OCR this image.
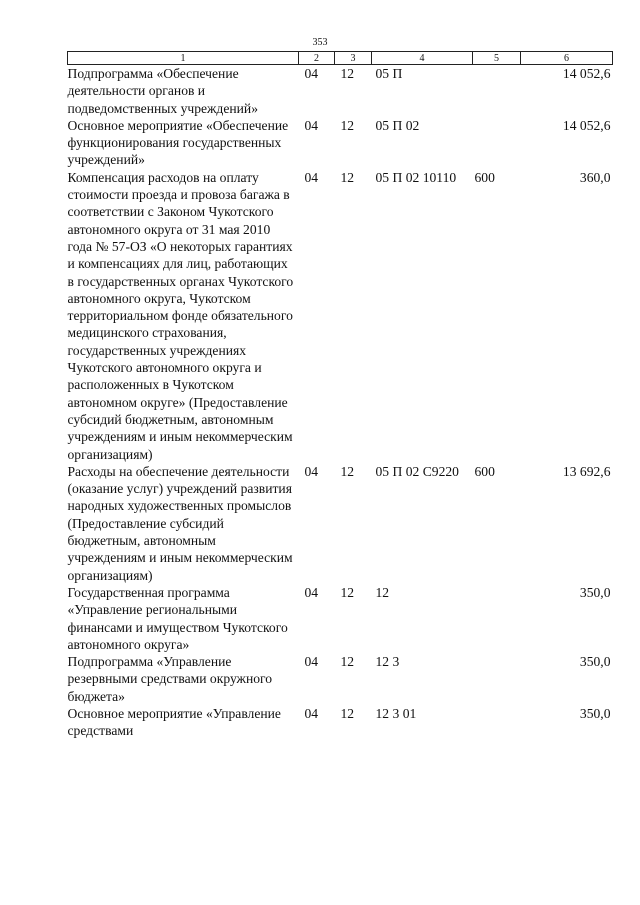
353
1	2	3	4	5	6
Подпрограмма «Обеспечение деятельности органов и подведомственных учреждений»	04	12	05 П		14 052,6
Основное мероприятие «Обеспечение функционирования государственных учреждений»	04	12	05 П 02		14 052,6
Компенсация расходов на оплату стоимости проезда и провоза багажа в соответствии с Законом Чукотского автономного округа от 31 мая 2010 года № 57-ОЗ «О некоторых гарантиях и компенсациях для лиц, работающих в государственных органах Чукотского автономного округа, Чукотском территориальном фонде обязательного медицинского страхования, государственных учреждениях Чукотского автономного округа и расположенных в Чукотском автономном округе» (Предоставление субсидий бюджетным, автономным учреждениям и иным некоммерческим организациям)	04	12	05 П 02 10110	600	360,0
Расходы на обеспечение деятельности (оказание услуг) учреждений развития народных художественных промыслов (Предоставление субсидий бюджетным, автономным учреждениям и иным некоммерческим организациям)	04	12	05 П 02 С9220	600	13 692,6
Государственная программа «Управление региональными финансами и имуществом Чукотского автономного округа»	04	12	12		350,0
Подпрограмма «Управление резервными средствами окружного бюджета»	04	12	12 3		350,0
Основное мероприятие «Управление средствами	04	12	12 3 01		350,0
